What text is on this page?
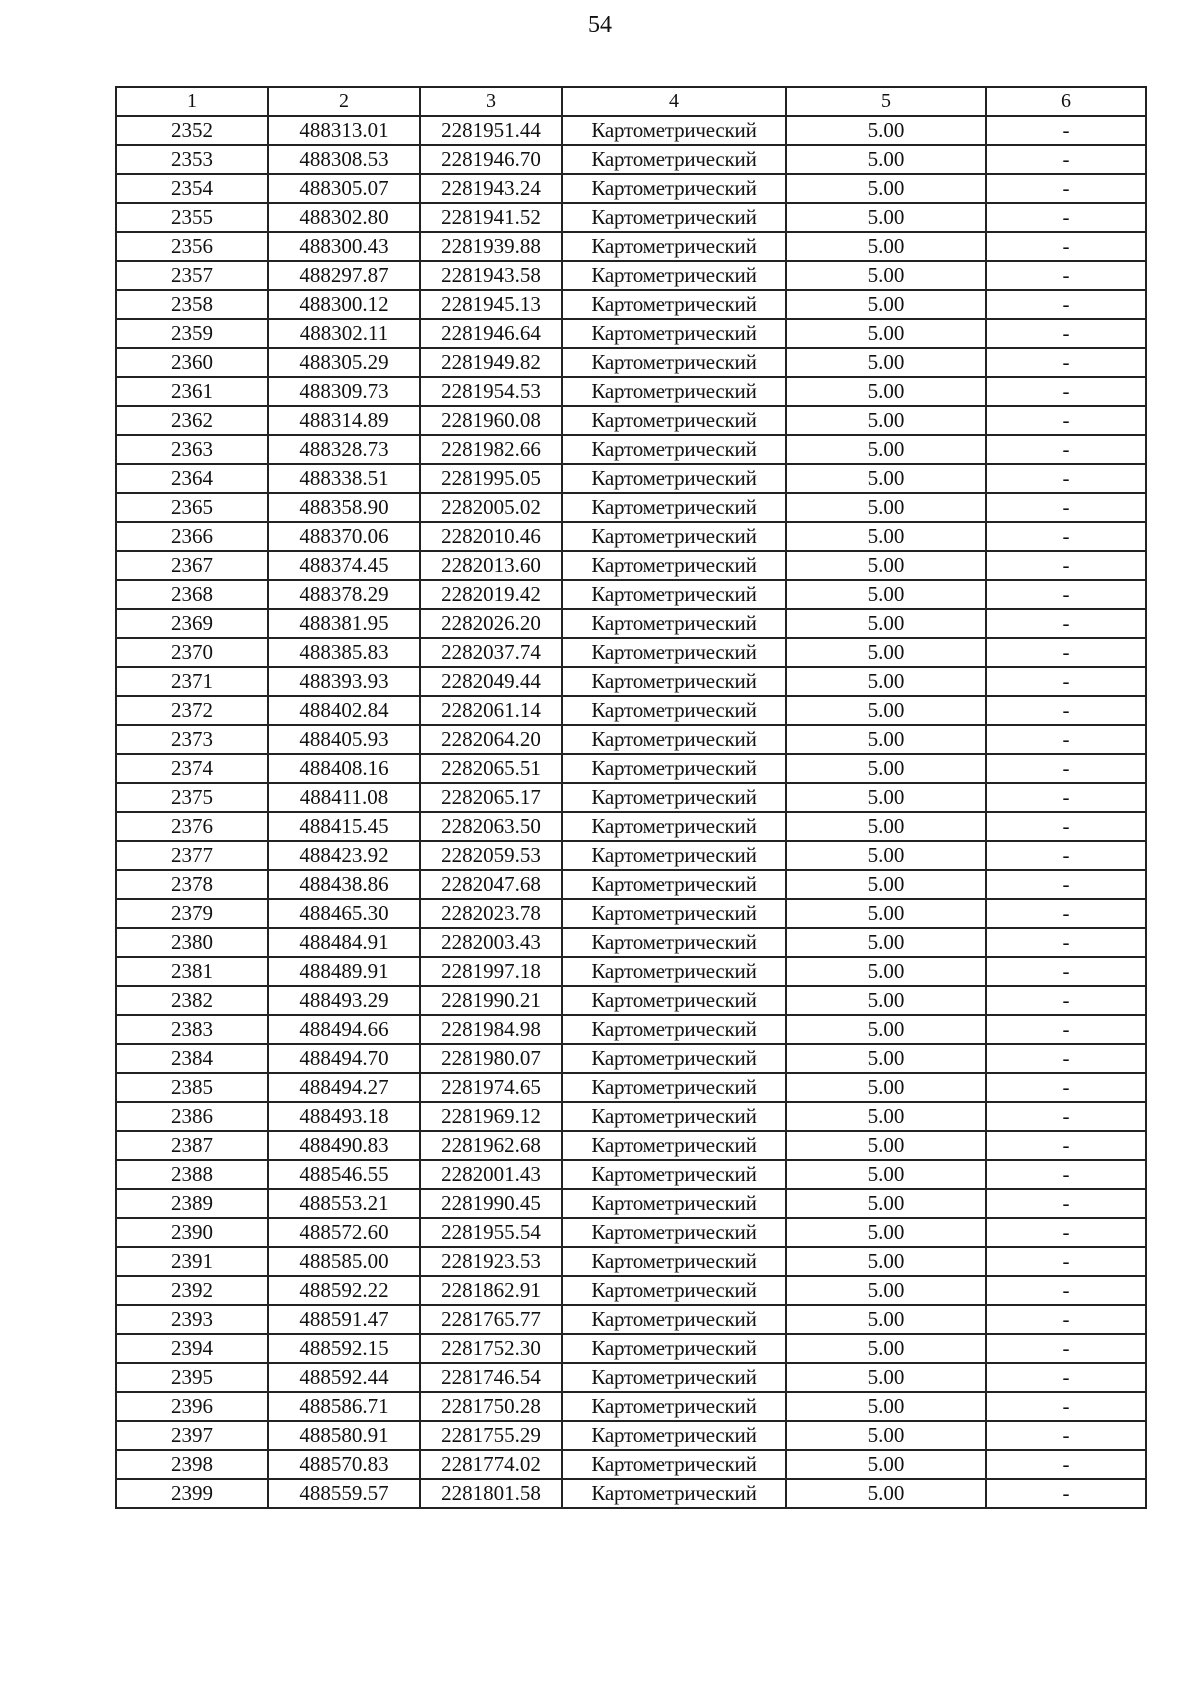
54
1	2	3	4	5	6
2352	488313.01	2281951.44	Картометрический	5.00	-
2353	488308.53	2281946.70	Картометрический	5.00	-
2354	488305.07	2281943.24	Картометрический	5.00	-
2355	488302.80	2281941.52	Картометрический	5.00	-
2356	488300.43	2281939.88	Картометрический	5.00	-
2357	488297.87	2281943.58	Картометрический	5.00	-
2358	488300.12	2281945.13	Картометрический	5.00	-
2359	488302.11	2281946.64	Картометрический	5.00	-
2360	488305.29	2281949.82	Картометрический	5.00	-
2361	488309.73	2281954.53	Картометрический	5.00	-
2362	488314.89	2281960.08	Картометрический	5.00	-
2363	488328.73	2281982.66	Картометрический	5.00	-
2364	488338.51	2281995.05	Картометрический	5.00	-
2365	488358.90	2282005.02	Картометрический	5.00	-
2366	488370.06	2282010.46	Картометрический	5.00	-
2367	488374.45	2282013.60	Картометрический	5.00	-
2368	488378.29	2282019.42	Картометрический	5.00	-
2369	488381.95	2282026.20	Картометрический	5.00	-
2370	488385.83	2282037.74	Картометрический	5.00	-
2371	488393.93	2282049.44	Картометрический	5.00	-
2372	488402.84	2282061.14	Картометрический	5.00	-
2373	488405.93	2282064.20	Картометрический	5.00	-
2374	488408.16	2282065.51	Картометрический	5.00	-
2375	488411.08	2282065.17	Картометрический	5.00	-
2376	488415.45	2282063.50	Картометрический	5.00	-
2377	488423.92	2282059.53	Картометрический	5.00	-
2378	488438.86	2282047.68	Картометрический	5.00	-
2379	488465.30	2282023.78	Картометрический	5.00	-
2380	488484.91	2282003.43	Картометрический	5.00	-
2381	488489.91	2281997.18	Картометрический	5.00	-
2382	488493.29	2281990.21	Картометрический	5.00	-
2383	488494.66	2281984.98	Картометрический	5.00	-
2384	488494.70	2281980.07	Картометрический	5.00	-
2385	488494.27	2281974.65	Картометрический	5.00	-
2386	488493.18	2281969.12	Картометрический	5.00	-
2387	488490.83	2281962.68	Картометрический	5.00	-
2388	488546.55	2282001.43	Картометрический	5.00	-
2389	488553.21	2281990.45	Картометрический	5.00	-
2390	488572.60	2281955.54	Картометрический	5.00	-
2391	488585.00	2281923.53	Картометрический	5.00	-
2392	488592.22	2281862.91	Картометрический	5.00	-
2393	488591.47	2281765.77	Картометрический	5.00	-
2394	488592.15	2281752.30	Картометрический	5.00	-
2395	488592.44	2281746.54	Картометрический	5.00	-
2396	488586.71	2281750.28	Картометрический	5.00	-
2397	488580.91	2281755.29	Картометрический	5.00	-
2398	488570.83	2281774.02	Картометрический	5.00	-
2399	488559.57	2281801.58	Картометрический	5.00	-
